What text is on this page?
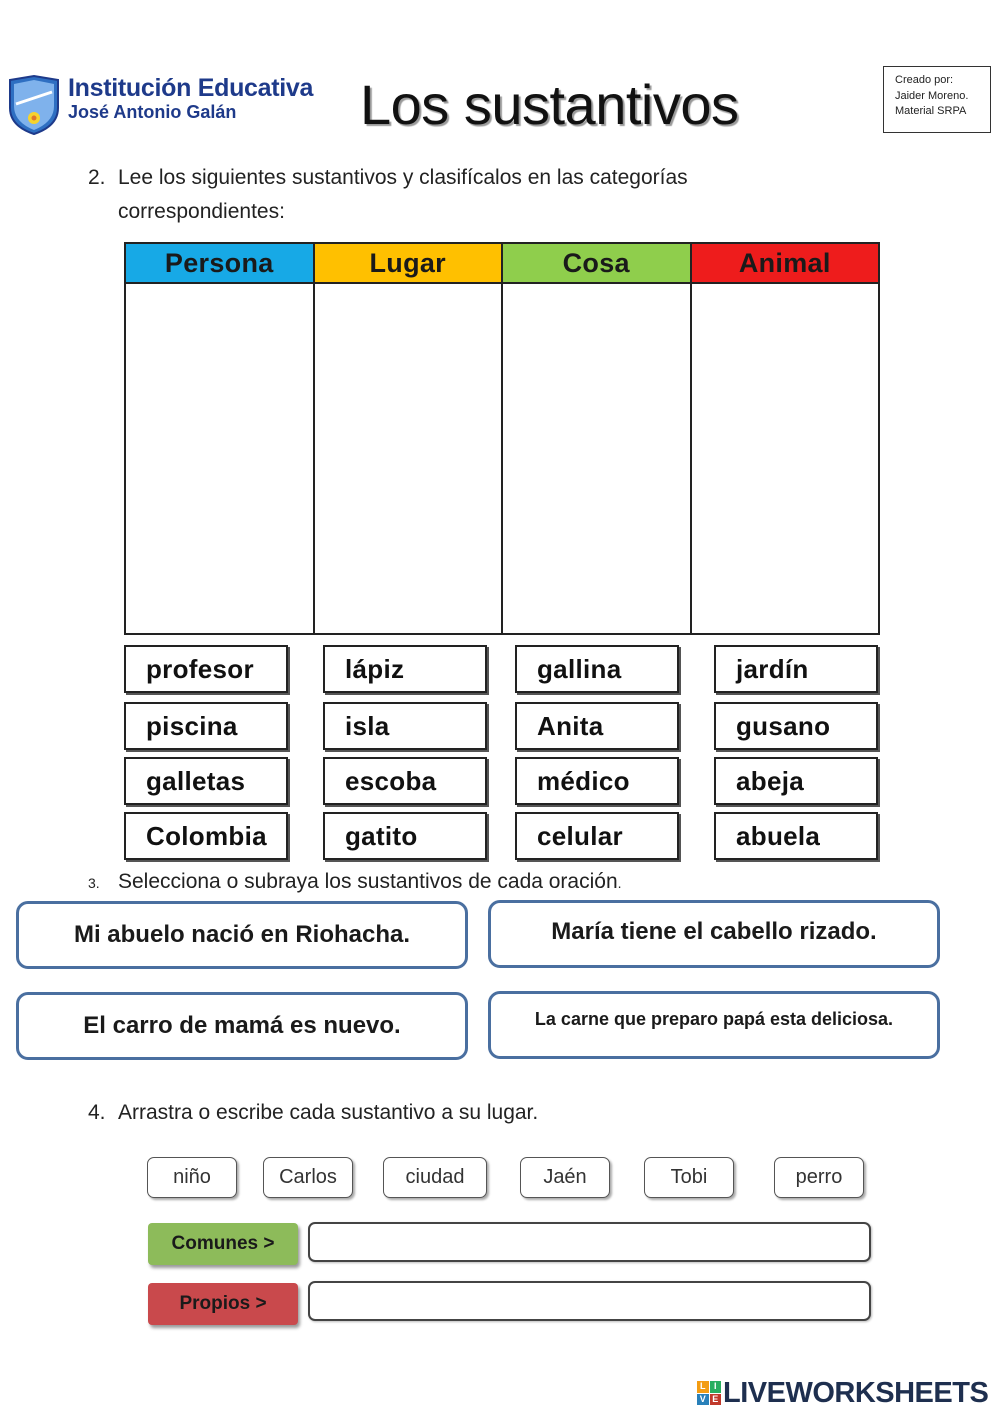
Institución Educativa
José Antonio Galán Los sustantivos	Creado por:
Jaider Moreno.
Material SRPA
2. Lee los siguientes sustantivos y clasifícalos en las categorías
correspondientes:
Persona	Lugar	Cosa	Animal
profesor	lápiz	gallina	jardín
piscina	isla	Anita	gusano
galletas	escoba	médico	abeja
Colombia	gatito	celular	abuela
3. Selecciona o subraya los sustantivos de cada oración.
Mi abuelo nació en Riohacha.	María tiene el cabello rizado.
El carro de mamá es nuevo.	La carne que preparo papá esta deliciosa.
4. Arrastra o escribe cada sustantivo a su lugar.
niño	Carlos	ciudad	Jaén	Tobi	perro
Comunes >
Propios >
L I
V E LIVEWORKSHEETS
